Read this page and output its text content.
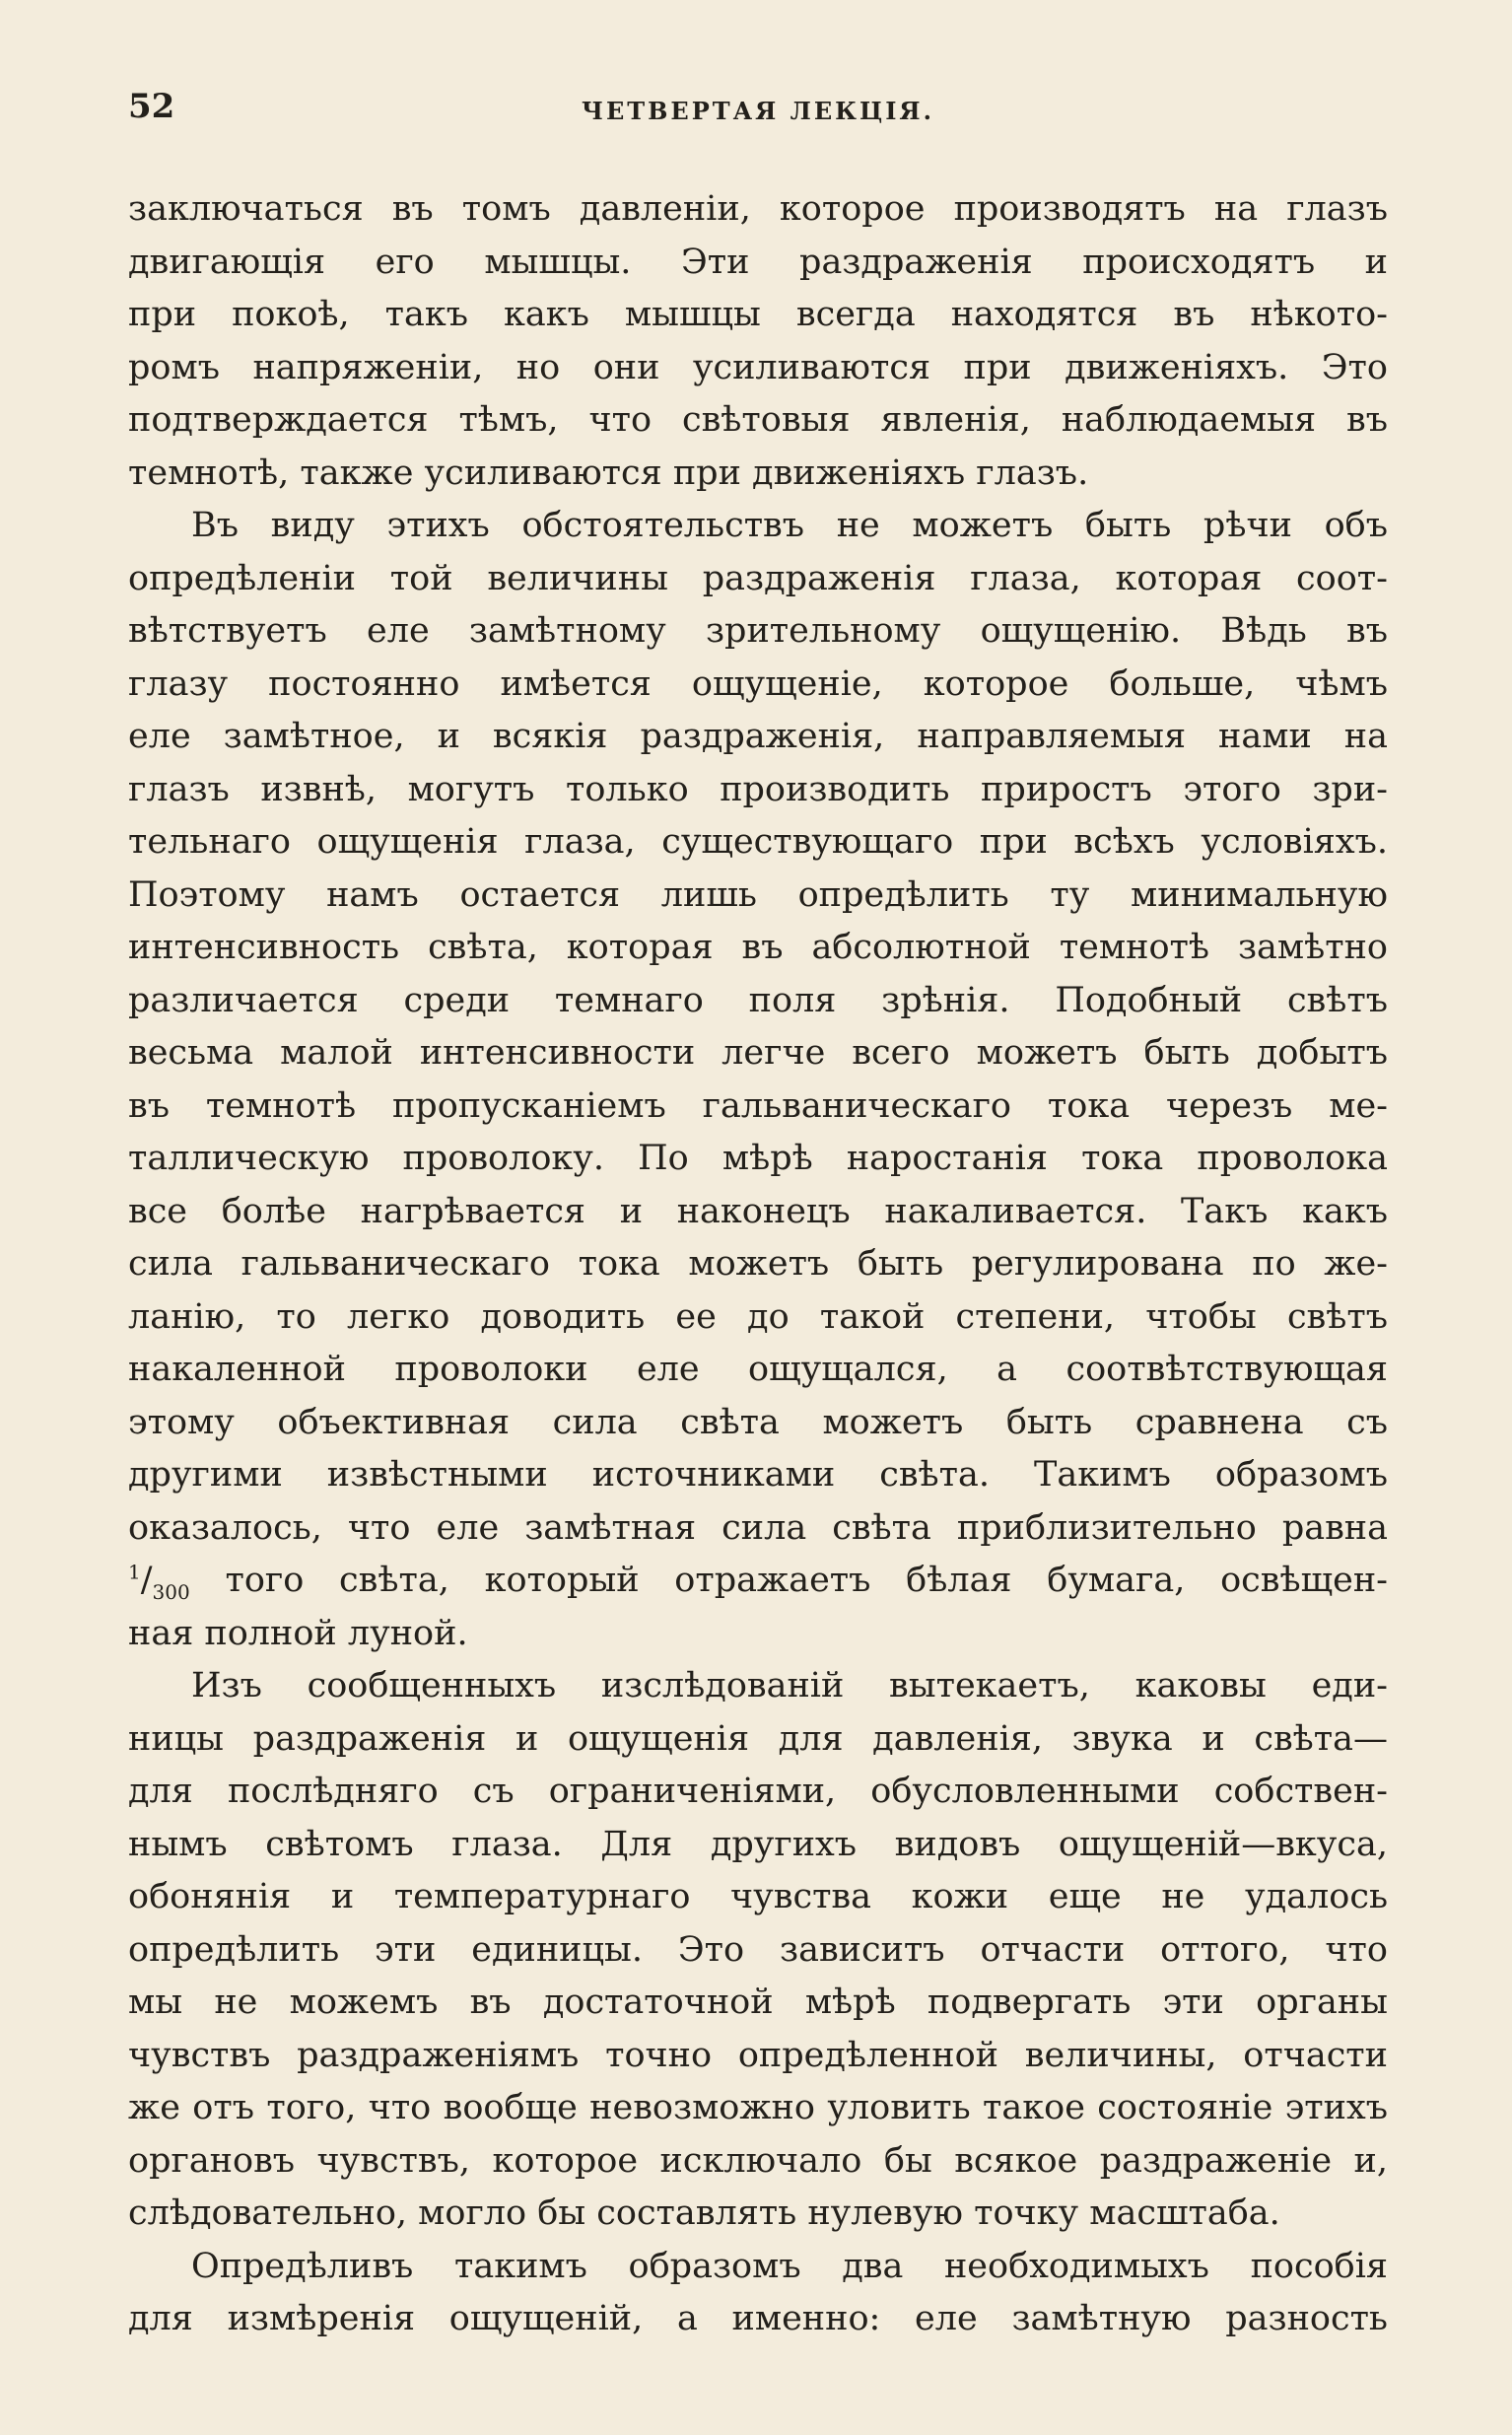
52	ЧЕТВЕРТАЯ ЛЕКЦІЯ.
заключаться въ томъ давленіи, которое производятъ на глазъ
двигающія его мышцы. Эти раздраженія происходятъ и
при покоѣ, такъ какъ мышцы всегда находятся въ нѣкото-
ромъ напряженіи, но они усиливаются при движеніяхъ. Это
подтверждается тѣмъ, что свѣтовыя явленія, наблюдаемыя въ
темнотѣ, также усиливаются при движеніяхъ глазъ.
Въ виду этихъ обстоятельствъ не можетъ быть рѣчи объ
опредѣленіи той величины раздраженія глаза, которая соот-
вѣтствуетъ еле замѣтному зрительному ощущенію. Вѣдь въ
глазу постоянно имѣется ощущеніе, которое больше, чѣмъ
еле замѣтное, и всякія раздраженія, направляемыя нами на
глазъ извнѣ, могутъ только производить приростъ этого зри-
тельнаго ощущенія глаза, существующаго при всѣхъ условіяхъ.
Поэтому намъ остается лишь опредѣлить ту минимальную
интенсивность свѣта, которая въ абсолютной темнотѣ замѣтно
различается среди темнаго поля зрѣнія. Подобный свѣтъ
весьма малой интенсивности легче всего можетъ быть добытъ
въ темнотѣ пропусканіемъ гальваническаго тока черезъ ме-
таллическую проволоку. По мѣрѣ наростанія тока проволока
все болѣе нагрѣвается и наконецъ накаливается. Такъ какъ
сила гальваническаго тока можетъ быть регулирована по же-
ланію, то легко доводить ее до такой степени, чтобы свѣтъ
накаленной проволоки еле ощущался, а соотвѣтствующая
этому объективная сила свѣта можетъ быть сравнена съ
другими извѣстными источниками свѣта. Такимъ образомъ
оказалось, что еле замѣтная сила свѣта приблизительно равна
$^1/_{300}$ того свѣта, который отражаетъ бѣлая бумага, освѣщен-
ная полной луной.
Изъ сообщенныхъ изслѣдованій вытекаетъ, каковы еди-
ницы раздраженія и ощущенія для давленія, звука и свѣта—
для послѣдняго съ ограниченіями, обусловленными собствен-
нымъ свѣтомъ глаза. Для другихъ видовъ ощущеній—вкуса,
обонянія и температурнаго чувства кожи еще не удалось
опредѣлить эти единицы. Это зависитъ отчасти оттого, что
мы не можемъ въ достаточной мѣрѣ подвергать эти органы
чувствъ раздраженіямъ точно опредѣленной величины, отчасти
же отъ того, что вообще невозможно уловить такое состояніе этихъ
органовъ чувствъ, которое исключало бы всякое раздраженіе и,
слѣдовательно, могло бы составлять нулевую точку масштаба.
Опредѣливъ такимъ образомъ два необходимыхъ пособія
для измѣренія ощущеній, а именно: еле замѣтную разность
